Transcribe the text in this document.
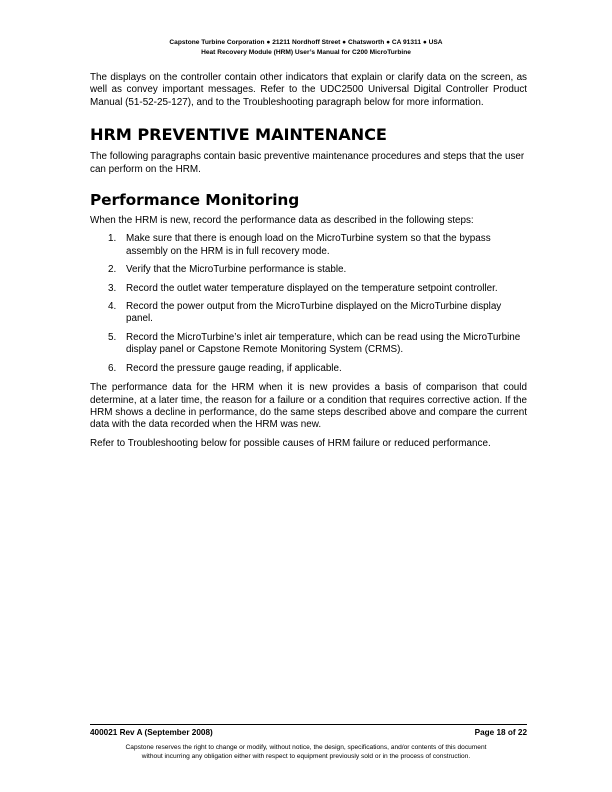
Capstone Turbine Corporation ● 21211 Nordhoff Street ● Chatsworth ● CA 91311 ● USA
Heat Recovery Module (HRM) User’s Manual for C200 MicroTurbine

The displays on the controller contain other indicators that explain or clarify data on the screen, as well as convey important messages. Refer to the UDC2500 Universal Digital Controller Product Manual (51-52-25-127), and to the Troubleshooting paragraph below for more information.

HRM PREVENTIVE MAINTENANCE

The following paragraphs contain basic preventive maintenance procedures and steps that the user can perform on the HRM.

Performance Monitoring

When the HRM is new, record the performance data as described in the following steps:

1. Make sure that there is enough load on the MicroTurbine system so that the bypass assembly on the HRM is in full recovery mode.
2. Verify that the MicroTurbine performance is stable.
3. Record the outlet water temperature displayed on the temperature setpoint controller.
4. Record the power output from the MicroTurbine displayed on the MicroTurbine display panel.
5. Record the MicroTurbine’s inlet air temperature, which can be read using the MicroTurbine display panel or Capstone Remote Monitoring System (CRMS).
6. Record the pressure gauge reading, if applicable.

The performance data for the HRM when it is new provides a basis of comparison that could determine, at a later time, the reason for a failure or a condition that requires corrective action. If the HRM shows a decline in performance, do the same steps described above and compare the current data with the data recorded when the HRM was new.

Refer to Troubleshooting below for possible causes of HRM failure or reduced performance.

400021 Rev A (September 2008)	Page 18 of 22
Capstone reserves the right to change or modify, without notice, the design, specifications, and/or contents of this document
without incurring any obligation either with respect to equipment previously sold or in the process of construction.
